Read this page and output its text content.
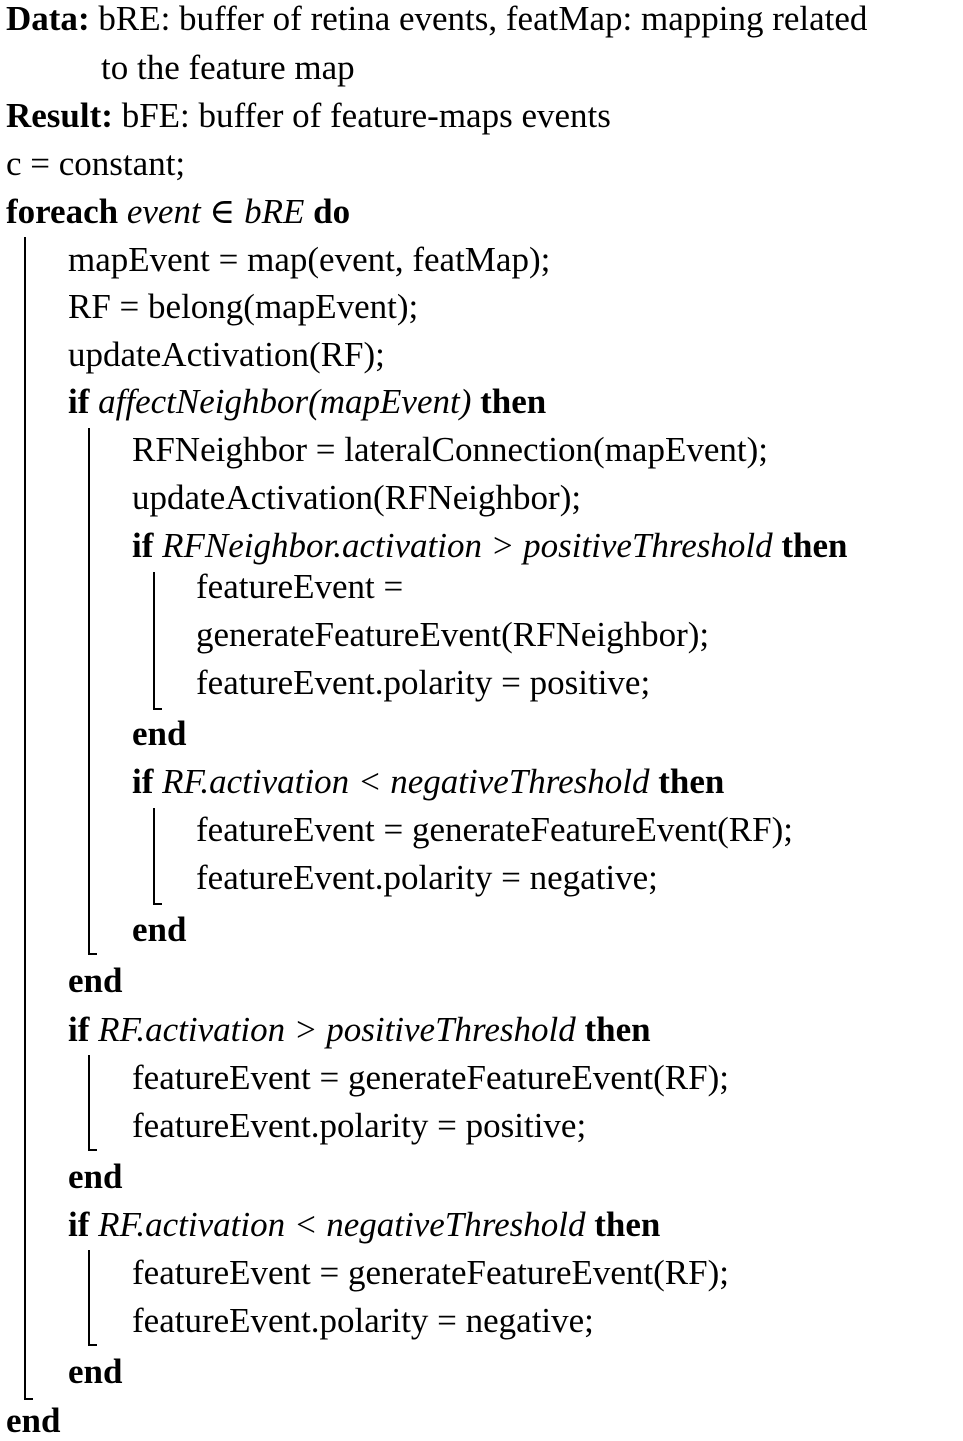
Data: bRE: buffer of retina events, featMap: mapping related
to the feature map
Result: bFE: buffer of feature-maps events
c = constant;
foreach event ∈ bRE do
mapEvent = map(event, featMap);
RF = belong(mapEvent);
updateActivation(RF);
if affectNeighbor(mapEvent) then
RFNeighbor = lateralConnection(mapEvent);
updateActivation(RFNeighbor);
if RFNeighbor.activation > positiveThreshold then
featureEvent =
generateFeatureEvent(RFNeighbor);
featureEvent.polarity = positive;
end
if RF.activation < negativeThreshold then
featureEvent = generateFeatureEvent(RF);
featureEvent.polarity = negative;
end
end
if RF.activation > positiveThreshold then
featureEvent = generateFeatureEvent(RF);
featureEvent.polarity = positive;
end
if RF.activation < negativeThreshold then
featureEvent = generateFeatureEvent(RF);
featureEvent.polarity = negative;
end
end
